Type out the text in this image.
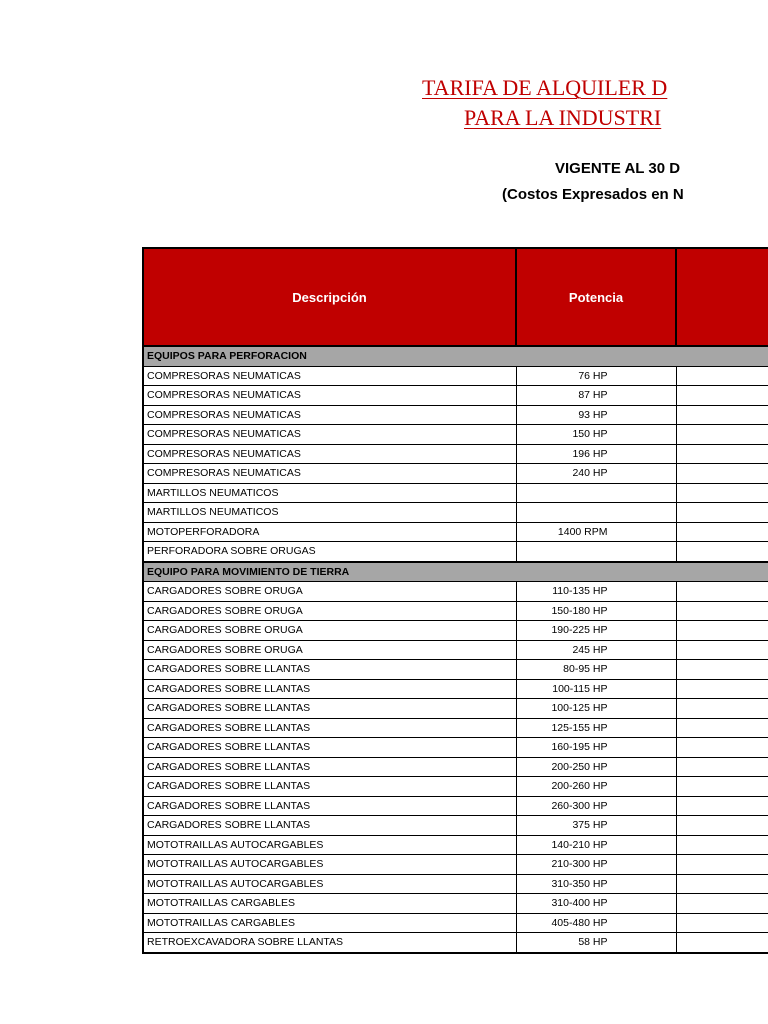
TARIFA DE ALQUILER D
PARA LA INDUSTRI
VIGENTE AL 30 D
(Costos Expresados en N
Descripción	Potencia	
EQUIPOS PARA PERFORACION		
COMPRESORAS NEUMATICAS	76 HP	
COMPRESORAS NEUMATICAS	87 HP	
COMPRESORAS NEUMATICAS	93 HP	
COMPRESORAS NEUMATICAS	150 HP	
COMPRESORAS NEUMATICAS	196 HP	
COMPRESORAS NEUMATICAS	240 HP	
MARTILLOS NEUMATICOS		
MARTILLOS NEUMATICOS		
MOTOPERFORADORA	1400 RPM	
PERFORADORA SOBRE ORUGAS		
EQUIPO PARA MOVIMIENTO DE TIERRA		
CARGADORES SOBRE ORUGA	110-135 HP	
CARGADORES SOBRE ORUGA	150-180 HP	
CARGADORES SOBRE ORUGA	190-225 HP	
CARGADORES SOBRE ORUGA	245 HP	
CARGADORES SOBRE LLANTAS	80-95 HP	
CARGADORES SOBRE LLANTAS	100-115 HP	
CARGADORES SOBRE LLANTAS	100-125 HP	
CARGADORES SOBRE LLANTAS	125-155 HP	
CARGADORES SOBRE LLANTAS	160-195 HP	
CARGADORES SOBRE LLANTAS	200-250 HP	
CARGADORES SOBRE LLANTAS	200-260 HP	
CARGADORES SOBRE LLANTAS	260-300 HP	
CARGADORES SOBRE LLANTAS	375 HP	
MOTOTRAILLAS AUTOCARGABLES	140-210 HP	
MOTOTRAILLAS AUTOCARGABLES	210-300 HP	
MOTOTRAILLAS AUTOCARGABLES	310-350 HP	
MOTOTRAILLAS CARGABLES	310-400 HP	
MOTOTRAILLAS CARGABLES	405-480 HP	
RETROEXCAVADORA SOBRE LLANTAS	58 HP	
